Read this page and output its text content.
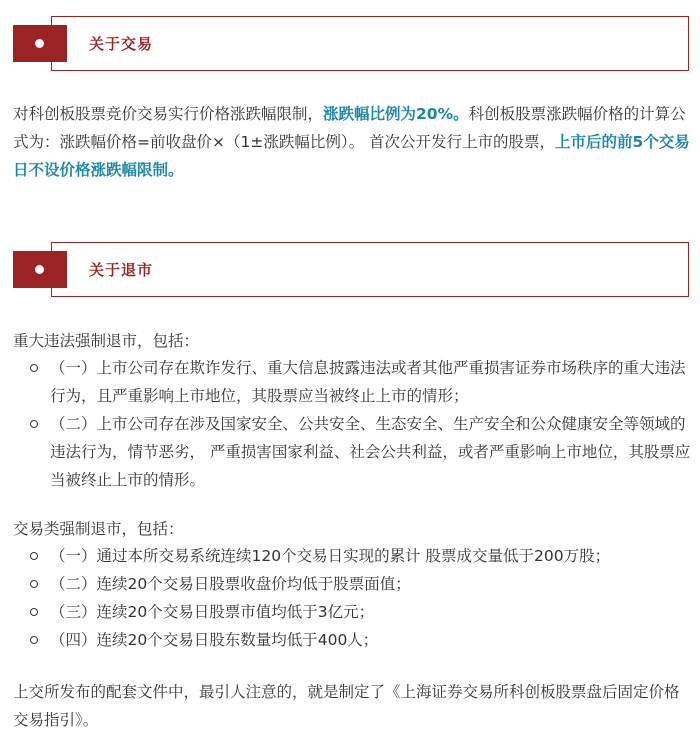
关于交易

对科创板股票竞价交易实行价格涨跌幅限制，涨跌幅比例为20%。科创板股票涨跌幅价格的计算公式为：涨跌幅价格=前收盘价×（1±涨跌幅比例）。 首次公开发行上市的股票，上市后的前5个交易日不设价格涨跌幅限制。

关于退市
重大违法强制退市，包括：
（一）上市公司存在欺诈发行、重大信息披露违法或者其他严重损害证券市场秩序的重大违法行为，且严重影响上市地位，其股票应当被终止上市的情形；
（二）上市公司存在涉及国家安全、公共安全、生态安全、生产安全和公众健康安全等领域的违法行为，情节恶劣， 严重损害国家利益、社会公共利益，或者严重影响上市地位，其股票应当被终止上市的情形。
交易类强制退市，包括：
（一）通过本所交易系统连续120个交易日实现的累计 股票成交量低于200万股；
（二）连续20个交易日股票收盘价均低于股票面值；
（三）连续20个交易日股票市值均低于3亿元；
（四）连续20个交易日股东数量均低于400人；

上交所发布的配套文件中，最引人注意的，就是制定了《上海证券交易所科创板股票盘后固定价格交易指引》。
